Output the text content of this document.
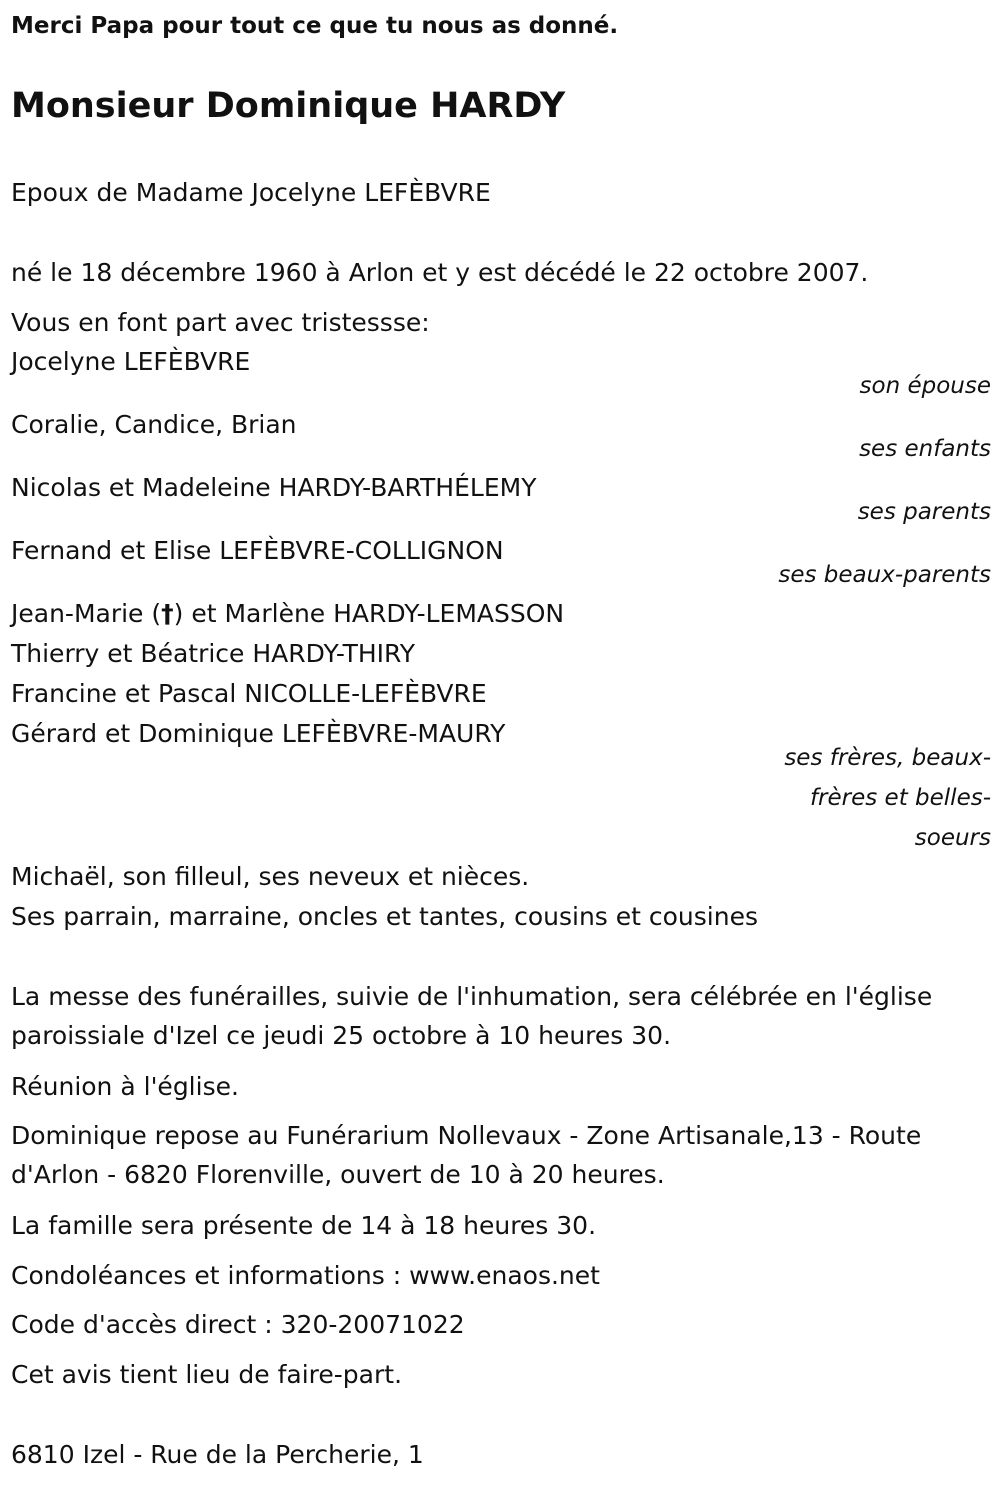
Merci Papa pour tout ce que tu nous as donné.
Monsieur Dominique HARDY
Epoux de Madame Jocelyne LEFÈBVRE
né le 18 décembre 1960 à Arlon et y est décédé le 22 octobre 2007.
Vous en font part avec tristessse:
Jocelyne LEFÈBVRE
son épouse
Coralie, Candice, Brian
ses enfants
Nicolas et Madeleine HARDY-BARTHÉLEMY
ses parents
Fernand et Elise LEFÈBVRE-COLLIGNON
ses beaux-parents
Jean-Marie (†) et Marlène HARDY-LEMASSON
Thierry et Béatrice HARDY-THIRY
Francine et Pascal NICOLLE-LEFÈBVRE
Gérard et Dominique LEFÈBVRE-MAURY
ses frères, beaux-frères et belles-soeurs
Michaël, son filleul, ses neveux et nièces.
Ses parrain, marraine, oncles et tantes, cousins et cousines
La messe des funérailles, suivie de l'inhumation, sera célébrée en l'église
paroissiale d'Izel ce jeudi 25 octobre à 10 heures 30.
Réunion à l'église.
Dominique repose au Funérarium Nollevaux - Zone Artisanale,13 - Route
d'Arlon - 6820 Florenville, ouvert de 10 à 20 heures.
La famille sera présente de 14 à 18 heures 30.
Condoléances et informations : www.enaos.net
Code d'accès direct : 320-20071022
Cet avis tient lieu de faire-part.
6810 Izel - Rue de la Percherie, 1
